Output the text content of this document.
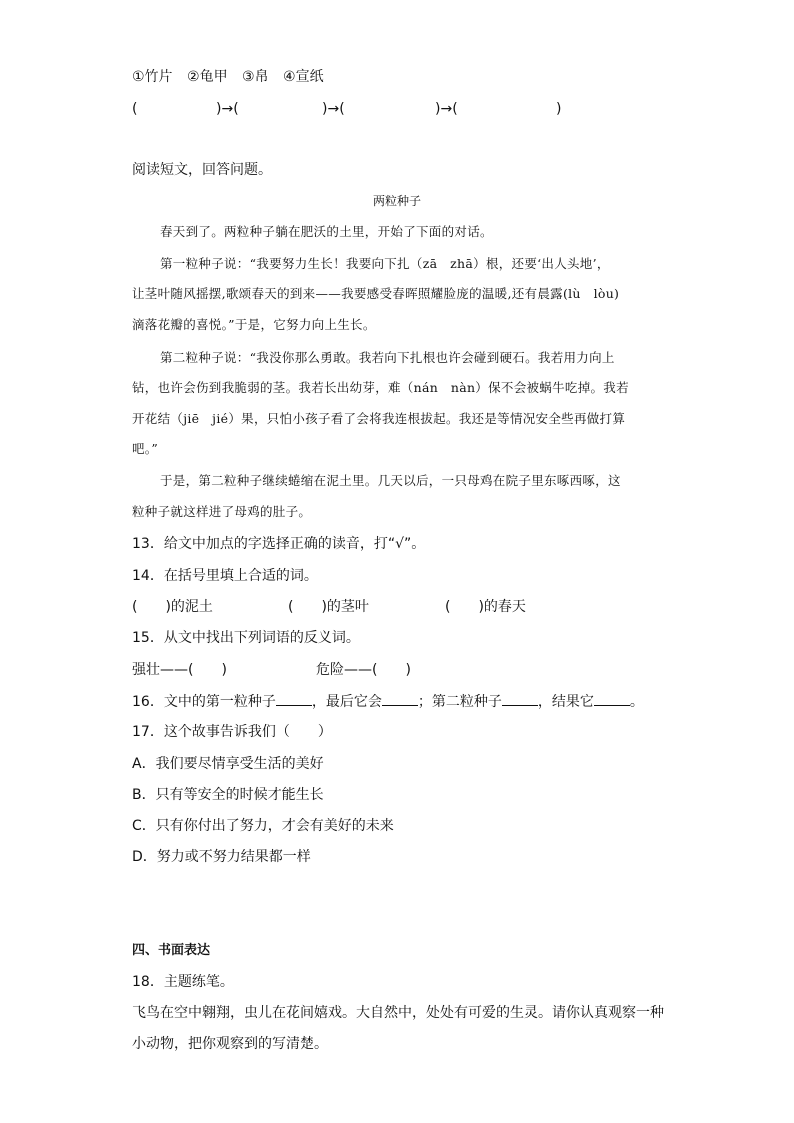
①竹片 ②龟甲 ③帛 ④宣纸
(	)→(	)→(	)→(	)
阅读短文，回答问题。
两粒种子
春天到了。两粒种子躺在肥沃的土里，开始了下面的对话。
第一粒种子说：“我要努力生长！我要向下扎（zā　zhā）根，还要‘出人头地’，
让茎叶随风摇摆,歌颂春天的到来——我要感受春晖照耀脸庞的温暖,还有晨露(lù　lòu)
滴落花瓣的喜悦。”于是，它努力向上生长。
第二粒种子说：“我没你那么勇敢。我若向下扎根也许会碰到硬石。我若用力向上
钻，也许会伤到我脆弱的茎。我若长出幼芽，难（nán　nàn）保不会被蜗牛吃掉。我若
开花结（jiē　jié）果，只怕小孩子看了会将我连根拔起。我还是等情况安全些再做打算
吧。”
于是，第二粒种子继续蜷缩在泥土里。几天以后，一只母鸡在院子里东啄西啄，这
粒种子就这样进了母鸡的肚子。
13．给文中加点的字选择正确的读音，打“√”。
14．在括号里填上合适的词。
(　　)的泥土	(　　)的茎叶	(　　)的春天
15．从文中找出下列词语的反义词。
强壮——(　　)	危险——(　　)
16．文中的第一粒种子	，最后它会	；第二粒种子	，结果它	。
17．这个故事告诉我们（　　）
A．我们要尽情享受生活的美好
B．只有等安全的时候才能生长
C．只有你付出了努力，才会有美好的未来
D．努力或不努力结果都一样
四、书面表达
18．主题练笔。
飞鸟在空中翱翔，虫儿在花间嬉戏。大自然中，处处有可爱的生灵。请你认真观察一种
小动物，把你观察到的写清楚。
